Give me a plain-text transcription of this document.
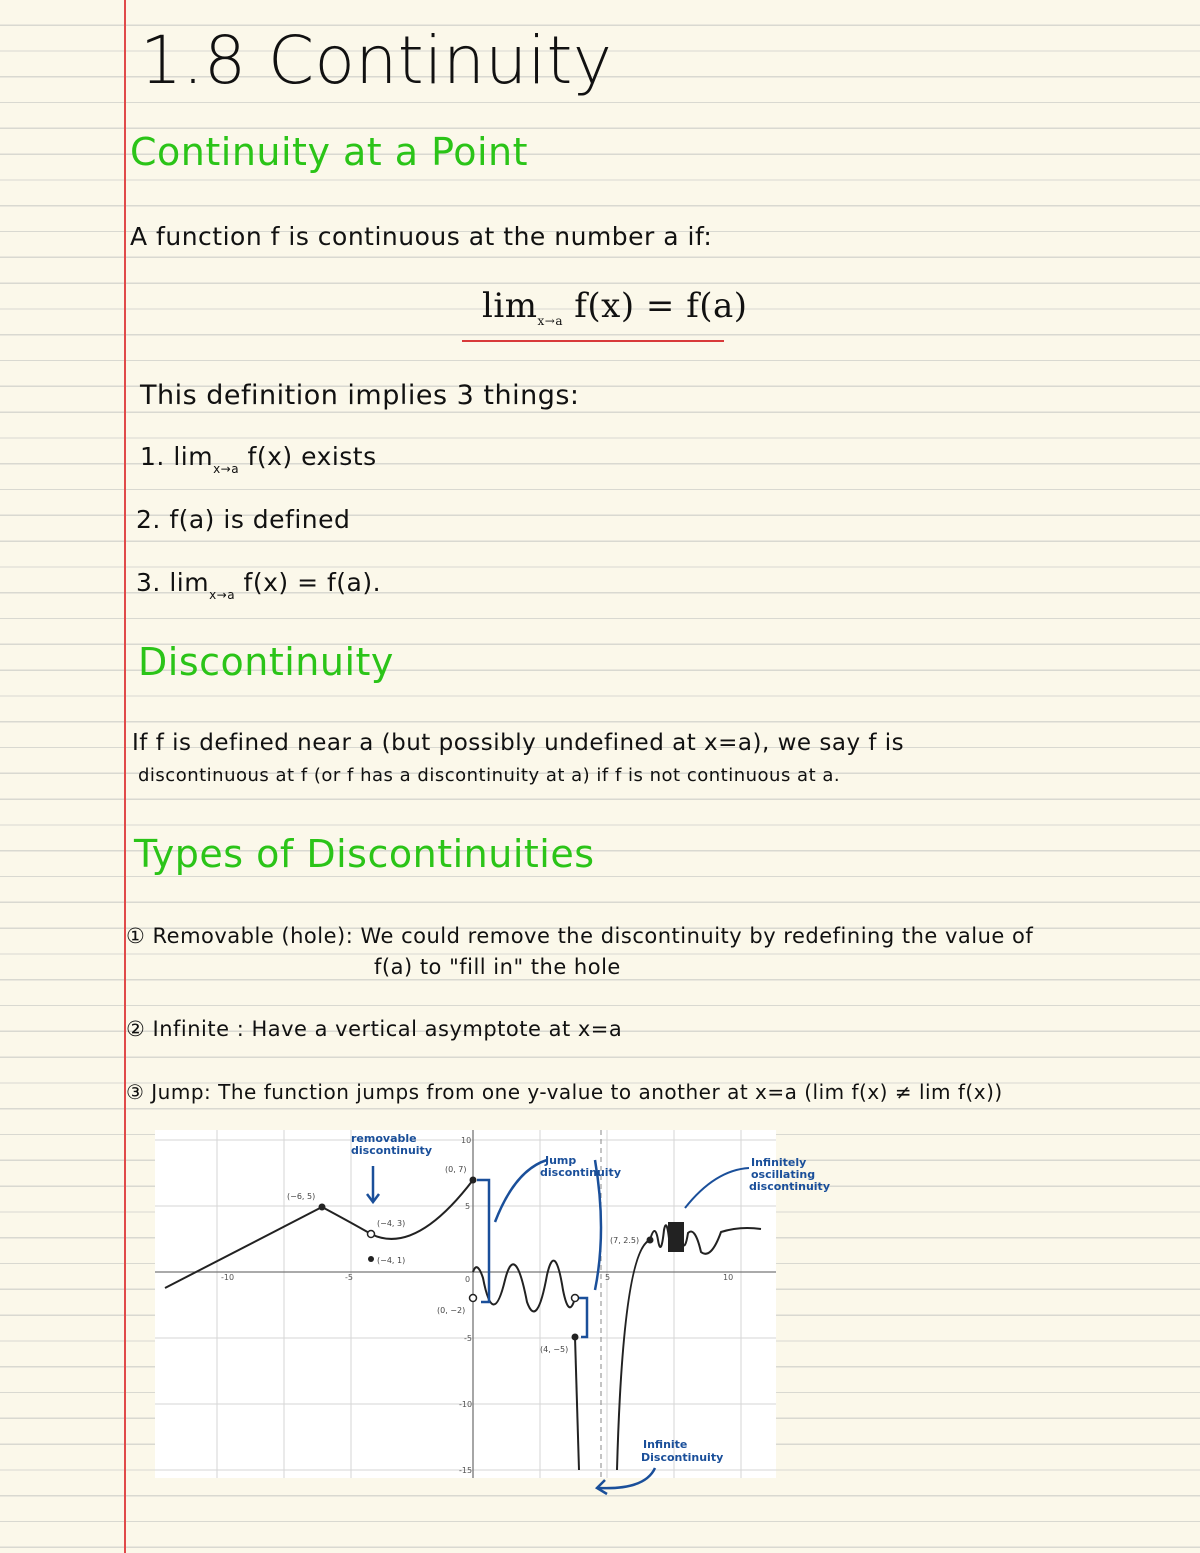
1.8 Continuity
Continuity at a Point
A function f is continuous at the number a if:
$\lim_{x\to a} f(x) = f(a)$
This definition implies 3 things:
1. $\lim_{x\to a} f(x)$ exists
2. f(a) is defined
3. $\lim_{x\to a} f(x) = f(a)$.
Discontinuity
If f is defined near a (but possibly undefined at x=a), we say f is
discontinuous at f (or f has a discontinuity at a) if f is not continuous at a.
Types of Discontinuities
① Removable (hole): We could remove the discontinuity by redefining the value of
f(a) to "fill in" the hole
② Infinite : Have a vertical asymptote at x=a
③ Jump: The function jumps from one y-value to another at x=a (lim f(x) ≠ lim f(x))
-10	-5	0	5	10
10
5
-5
-10
-15
(−6, 5)
(−4, 3)
(−4, 1)
(0, 7)
(0, −2)
(4, −5)
(7, 2.5)
removable
discontinuity
Jump
discontinuity
Infinitely
oscillating
discontinuity
Infinite
Discontinuity
